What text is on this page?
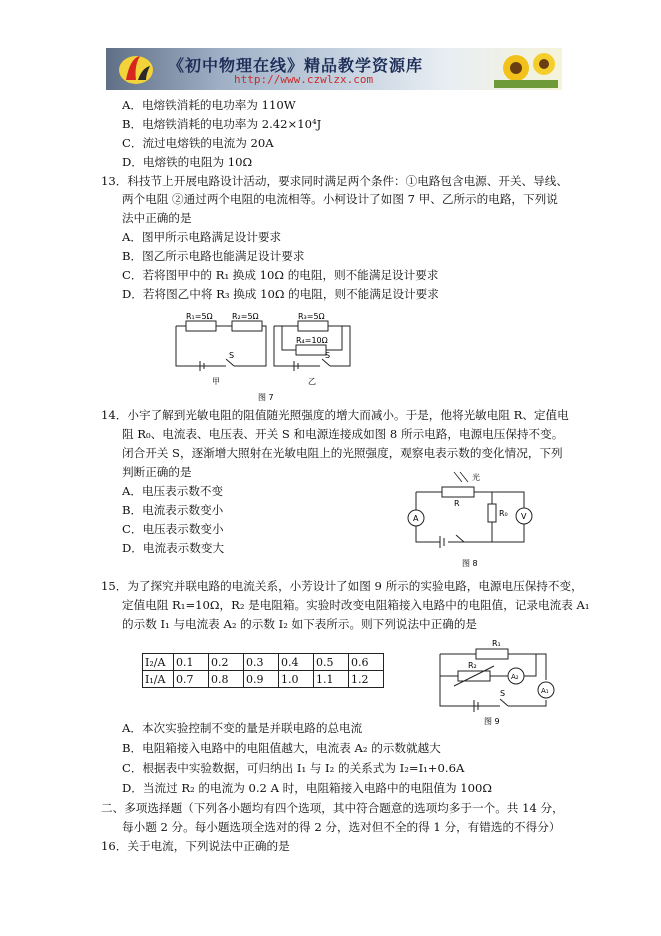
《初中物理在线》精品教学资源库
http://www.czwlzx.com
A．电熔铁消耗的电功率为 110W
B．电熔铁消耗的电功率为 2.42×10⁴J
C．流过电熔铁的电流为 20A
D．电熔铁的电阻为 10Ω
13．科技节上开展电路设计活动，要求同时满足两个条件：①电路包含电源、开关、导线、
两个电阻 ②通过两个电阻的电流相等。小柯设计了如图 7 甲、乙所示的电路，下列说
法中正确的是
A．图甲所示电路满足设计要求
B．图乙所示电路也能满足设计要求
C．若将图甲中的 R₁ 换成 10Ω 的电阻，则不能满足设计要求
D．若将图乙中将 R₃ 换成 10Ω 的电阻，则不能满足设计要求
14．小宇了解到光敏电阻的阻值随光照强度的增大而减小。于是，他将光敏电阻 R、定值电
阻 R₀、电流表、电压表、开关 S 和电源连接成如图 8 所示电路，电源电压保持不变。
闭合开关 S，逐渐增大照射在光敏电阻上的光照强度，观察电表示数的变化情况，下列
判断正确的是
A．电压表示数不变
B．电流表示数变小
C．电压表示数变小
D．电流表示数变大
15．为了探究并联电路的电流关系，小芳设计了如图 9 所示的实验电路，电源电压保持不变，
定值电阻 R₁=10Ω，R₂ 是电阻箱。实验时改变电阻箱接入电路中的电阻值，记录电流表 A₁
的示数 I₁ 与电流表 A₂ 的示数 I₂ 如下表所示。则下列说法中正确的是
A．本次实验控制不变的量是并联电路的总电流
B．电阻箱接入电路中的电阻值越大，电流表 A₂ 的示数就越大
C．根据表中实验数据，可归纳出 I₁ 与 I₂ 的关系式为 I₂=I₁+0.6A
D．当流过 R₂ 的电流为 0.2 A 时，电阻箱接入电路中的电阻值为 100Ω
二、多项选择题（下列各小题均有四个选项，其中符合题意的选项均多于一个。共 14 分，
每小题 2 分。每小题选项全选对的得 2 分，选对但不全的得 1 分，有错选的不得分）
16．关于电流，下列说法中正确的是
R₁=5Ω R₂=5Ω
S
甲
R₃=5Ω
R₄=10Ω
S
乙
图 7
光
R
R₀
A	V
图 8
I₂/A	0.1	0.2	0.3	0.4	0.5	0.6
I₁/A	0.7	0.8	0.9	1.0	1.1	1.2
R₁
R₂
A₂
A₁
S
图 9
